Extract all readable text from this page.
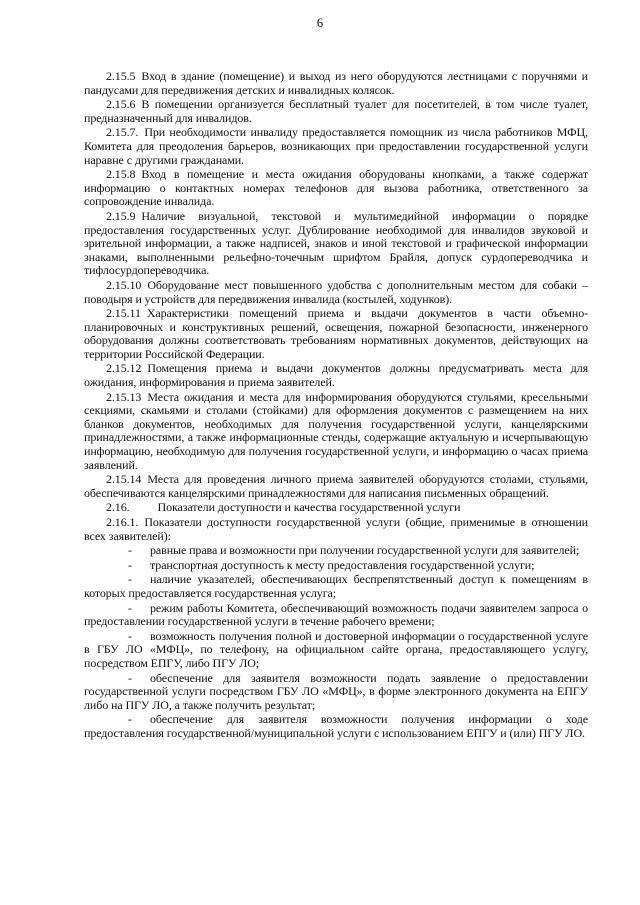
6

2.15.5 Вход в здание (помещение) и выход из него оборудуются лестницами с поручнями и пандусами для передвижения детских и инвалидных колясок.

2.15.6 В помещении организуется бесплатный туалет для посетителей, в том числе туалет, предназначенный для инвалидов.

2.15.7. При необходимости инвалиду предоставляется помощник из числа работников МФЦ, Комитета для преодоления барьеров, возникающих при предоставлении государственной услуги наравне с другими гражданами.

2.15.8 Вход в помещение и места ожидания оборудованы кнопками, а также содержат информацию о контактных номерах телефонов для вызова работника, ответственного за сопровождение инвалида.

2.15.9 Наличие визуальной, текстовой и мультимедийной информации о порядке предоставления государственных услуг. Дублирование необходимой для инвалидов звуковой и зрительной информации, а также надписей, знаков и иной текстовой и графической информации знаками, выполненными рельефно-точечным шрифтом Брайля, допуск сурдопереводчика и тифлосурдопереводчика.

2.15.10 Оборудование мест повышенного удобства с дополнительным местом для собаки – поводыря и устройств для передвижения инвалида (костылей, ходунков).

2.15.11 Характеристики помещений приема и выдачи документов в части объемно-планировочных и конструктивных решений, освещения, пожарной безопасности, инженерного оборудования должны соответствовать требованиям нормативных документов, действующих на территории Российской Федерации.

2.15.12 Помещения приема и выдачи документов должны предусматривать места для ожидания, информирования и приема заявителей.

2.15.13 Места ожидания и места для информирования оборудуются стульями, кресельными секциями, скамьями и столами (стойками) для оформления документов с размещением на них бланков документов, необходимых для получения государственной услуги, канцелярскими принадлежностями, а также информационные стенды, содержащие актуальную и исчерпывающую информацию, необходимую для получения государственной услуги, и информацию о часах приема заявлений.

2.15.14 Места для проведения личного приема заявителей оборудуются столами, стульями, обеспечиваются канцелярскими принадлежностями для написания письменных обращений.

2.16. Показатели доступности и качества государственной услуги

2.16.1. Показатели доступности государственной услуги (общие, применимые в отношении всех заявителей):

- равные права и возможности при получении государственной услуги для заявителей;

- транспортная доступность к месту предоставления государственной услуги;

- наличие указателей, обеспечивающих беспрепятственный доступ к помещениям в которых предоставляется государственная услуга;

- режим работы Комитета, обеспечивающий возможность подачи заявителем запроса о предоставлении государственной услуги в течение рабочего времени;

- возможность получения полной и достоверной информации о государственной услуге в ГБУ ЛО «МФЦ», по телефону, на официальном сайте органа, предоставляющего услугу, посредством ЕПГУ, либо ПГУ ЛО;

- обеспечение для заявителя возможности подать заявление о предоставлении государственной услуги посредством ГБУ ЛО «МФЦ», в форме электронного документа на ЕПГУ либо на ПГУ ЛО, а также получить результат;

- обеспечение для заявителя возможности получения информации о ходе предоставления государственной/муниципальной услуги с использованием ЕПГУ и (или) ПГУ ЛО.
